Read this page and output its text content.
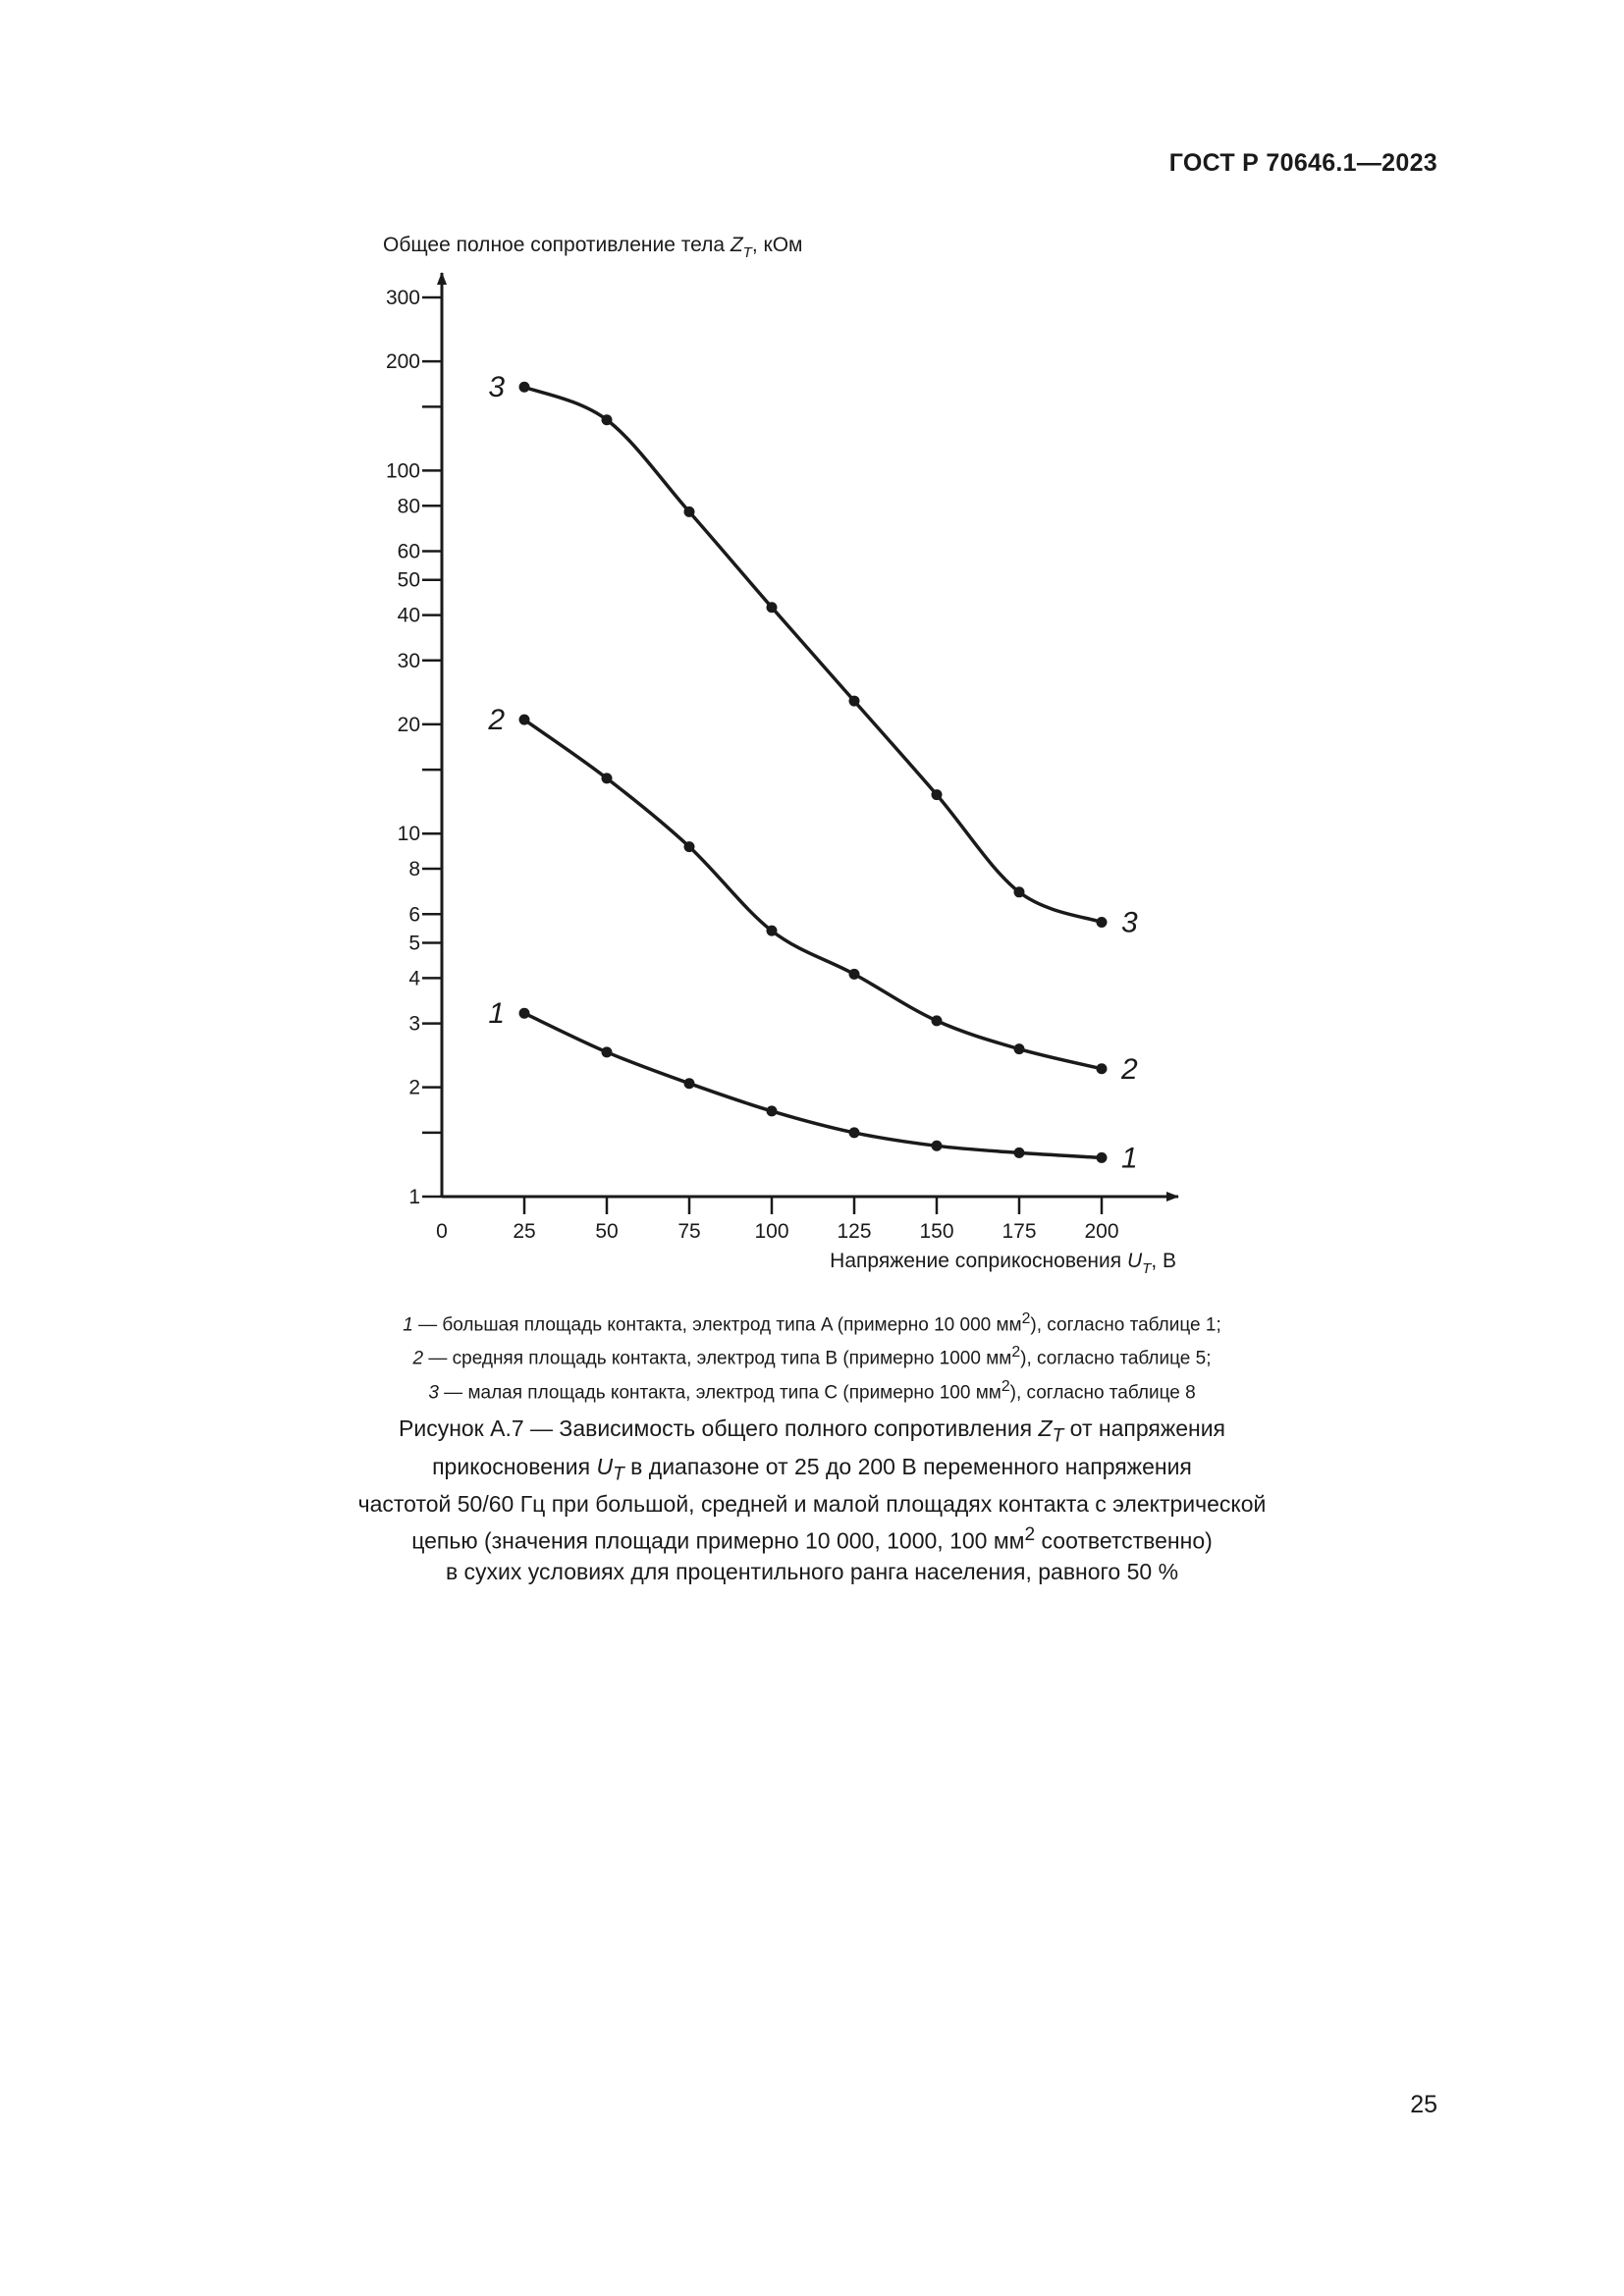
ГОСТ Р 70646.1—2023
1
2
3
4
5
6
8
10
20
30
40
50
60
80
100
200
300
0	25	50	75	100 125 150 175 200
Общее полное сопротивление тела $Z_T$, кОм
Напряжение соприкосновения $U_T$, В
1
1
2
2
3
3
1 — большая площадь контакта, электрод типа A (примерно 10 000 $мм^2$), согласно таблице 1;
2 — средняя площадь контакта, электрод типа B (примерно 1000 $мм^2$), согласно таблице 5;
3 — малая площадь контакта, электрод типа C (примерно 100 $мм^2$), согласно таблице 8
Рисунок A.7 — Зависимость общего полного сопротивления $Z_T$ от напряжения
прикосновения $U_T$ в диапазоне от 25 до 200 В переменного напряжения
частотой 50/60 Гц при большой, средней и малой площадях контакта с электрической
цепью (значения площади примерно 10 000, 1000, 100 $мм^2$ соответственно)
в сухих условиях для процентильного ранга населения, равного 50 %
25
